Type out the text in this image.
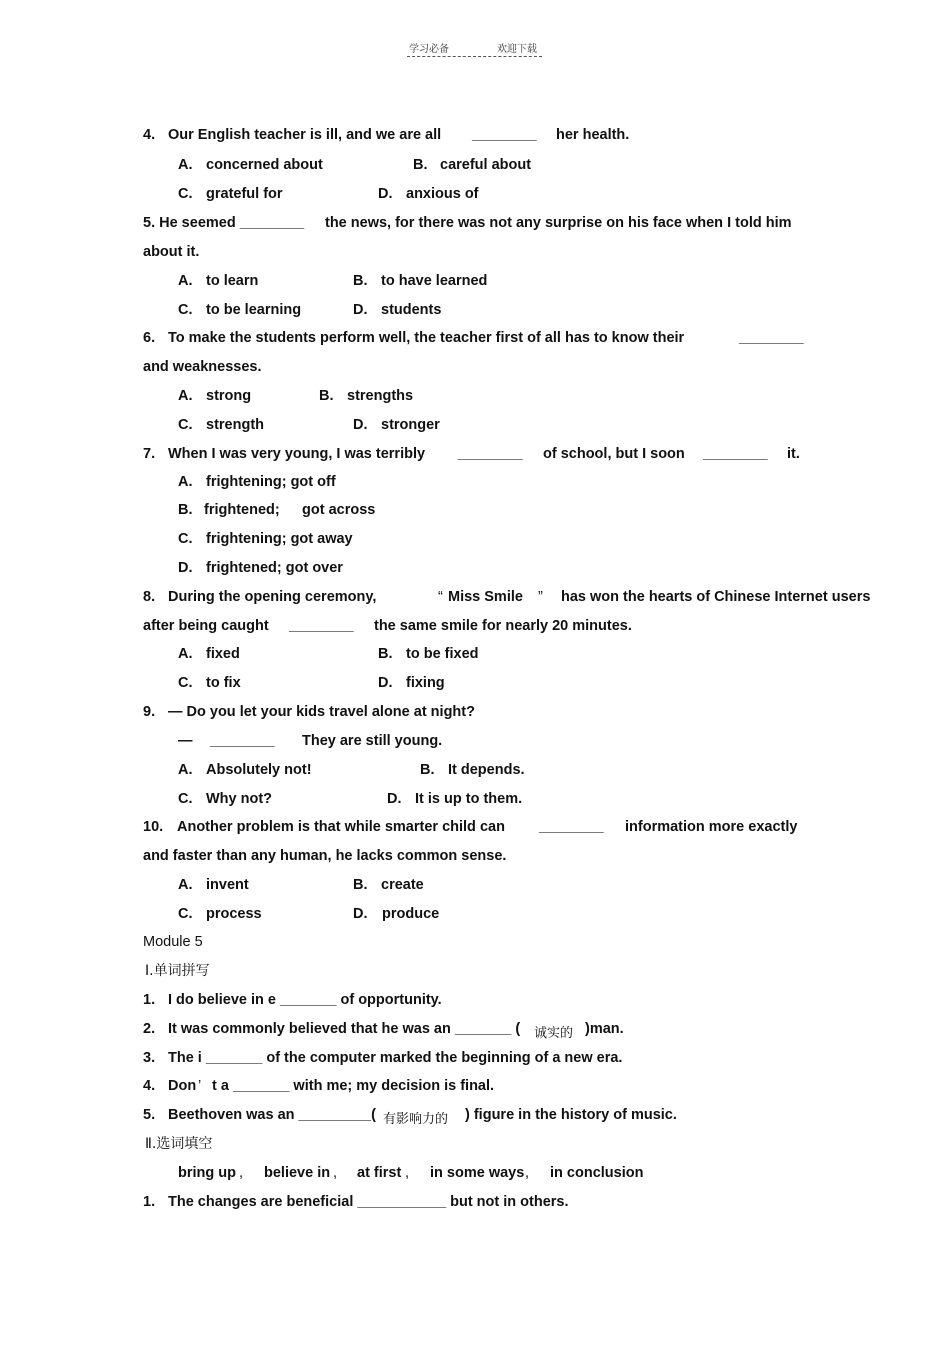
学习必备	欢迎下载
4. Our English teacher is ill, and we are all ________ her health.
A. concerned about	B. careful about
C. grateful for	D. anxious of
5. He seemed ________ the news, for there was not any surprise on his face when I told him
about it.
A. to learn	B. to have learned
C. to be learning	D. students
6. To make the students perform well, the teacher first of all has to know their	________
and weaknesses.
A. strong	B. strengths
C. strength	D. stronger
7. When I was very young, I was terribly ________ of school, but I soon ________ it.
A. frightening; got off
B. frightened; got across
C. frightening; got away
D. frightened; got over
8. During the opening ceremony,	“ Miss Smile ” has won the hearts of Chinese Internet users
after being caught ________ the same smile for nearly 20 minutes.
A. fixed	B. to be fixed
C. to fix	D. fixing
9. — Do you let your kids travel alone at night?
— ________ They are still young.
A. Absolutely not!	B. It depends.
C. Why not?	D. It is up to them.
10. Another problem is that while smarter child can ________ information more exactly
and faster than any human, he lacks common sense.
A. invent	B. create
C. process	D. produce
Module 5
Ⅰ.单词拼写
1. I do believe in e _______ of opportunity.
2. It was commonly believed that he was an _______ ( 诚实的 )man.
3. The i _______ of the computer marked the beginning of a new era.
4. Don ’ t a _______ with me; my decision is final.
5. Beethoven was an _________( 有影响力的 ) figure in the history of music.
Ⅱ.选词填空
bring up , believe in , at first , in some ways , in conclusion
1. The changes are beneficial ___________ but not in others.
